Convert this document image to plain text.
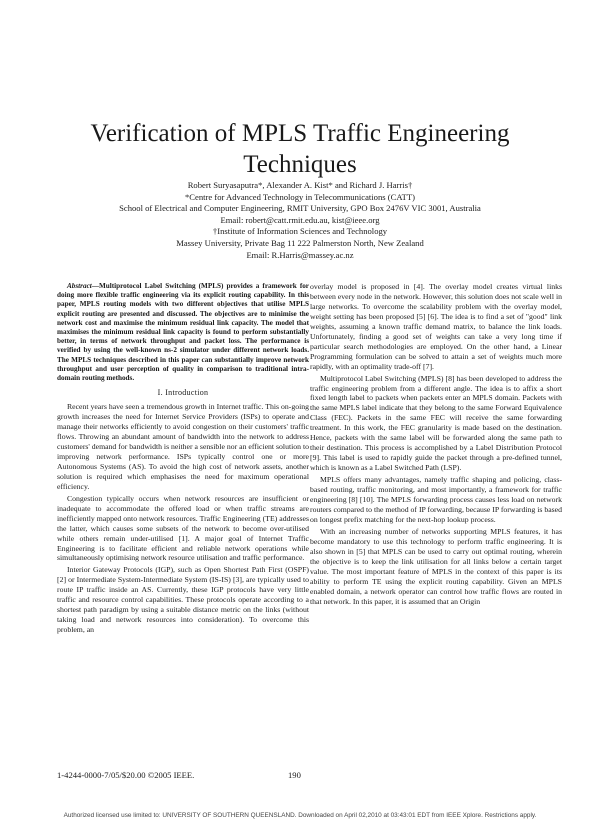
Verification of MPLS Traffic Engineering
Techniques
Robert Suryasaputra*, Alexander A. Kist* and Richard J. Harris†
*Centre for Advanced Technology in Telecommunications (CATT)
School of Electrical and Computer Engineering, RMIT University, GPO Box 2476V VIC 3001, Australia
Email: robert@catt.rmit.edu.au, kist@ieee.org
†Institute of Information Sciences and Technology
Massey University, Private Bag 11 222 Palmerston North, New Zealand
Email: R.Harris@massey.ac.nz

Abstract—Multiprotocol Label Switching (MPLS) provides a framework for doing more flexible traffic engineering via its explicit routing capability. In this paper, MPLS routing models with two different objectives that utilise MPLS explicit routing are presented and discussed. The objectives are to minimise the network cost and maximise the minimum residual link capacity. The model that maximises the minimum residual link capacity is found to perform substantially better, in terms of network throughput and packet loss. The performance is verified by using the well-known ns-2 simulator under different network loads. The MPLS techniques described in this paper can substantially improve network throughput and user perception of quality in comparison to traditional intra-domain routing methods.

I. Introduction

Recent years have seen a tremendous growth in Internet traffic. This on-going growth increases the need for Internet Service Providers (ISPs) to operate and manage their networks efficiently to avoid congestion on their customers' traffic flows. Throwing an abundant amount of bandwidth into the network to address customers' demand for bandwidth is neither a sensible nor an efficient solution to improving network performance. ISPs typically control one or more Autonomous Systems (AS). To avoid the high cost of network assets, another solution is required which emphasises the need for maximum operational efficiency.

Congestion typically occurs when network resources are insufficient or inadequate to accommodate the offered load or when traffic streams are inefficiently mapped onto network resources. Traffic Engineering (TE) addresses the latter, which causes some subsets of the network to become over-utilised while others remain under-utilised [1]. A major goal of Internet Traffic Engineering is to facilitate efficient and reliable network operations while simultaneously optimising network resource utilisation and traffic performance.

Interior Gateway Protocols (IGP), such as Open Shortest Path First (OSPF) [2] or Intermediate System-Intermediate System (IS-IS) [3], are typically used to route IP traffic inside an AS. Currently, these IGP protocols have very little traffic and resource control capabilities. These protocols operate according to a shortest path paradigm by using a suitable distance metric on the links (without taking load and network resources into consideration). To overcome this problem, an

overlay model is proposed in [4]. The overlay model creates virtual links between every node in the network. However, this solution does not scale well in large networks. To overcome the scalability problem with the overlay model, weight setting has been proposed [5] [6]. The idea is to find a set of "good" link weights, assuming a known traffic demand matrix, to balance the link loads. Unfortunately, finding a good set of weights can take a very long time if particular search methodologies are employed. On the other hand, a Linear Programming formulation can be solved to attain a set of weights much more rapidly, with an optimality trade-off [7].

Multiprotocol Label Switching (MPLS) [8] has been developed to address the traffic engineering problem from a different angle. The idea is to affix a short fixed length label to packets when packets enter an MPLS domain. Packets with the same MPLS label indicate that they belong to the same Forward Equivalence Class (FEC). Packets in the same FEC will receive the same forwarding treatment. In this work, the FEC granularity is made based on the destination. Hence, packets with the same label will be forwarded along the same path to their destination. This process is accomplished by a Label Distribution Protocol [9]. This label is used to rapidly guide the packet through a pre-defined tunnel, which is known as a Label Switched Path (LSP).

MPLS offers many advantages, namely traffic shaping and policing, class-based routing, traffic monitoring, and most importantly, a framework for traffic engineering [8] [10]. The MPLS forwarding process causes less load on network routers compared to the method of IP forwarding, because IP forwarding is based on longest prefix matching for the next-hop lookup process.

With an increasing number of networks supporting MPLS features, it has become mandatory to use this technology to perform traffic engineering. It is also shown in [5] that MPLS can be used to carry out optimal routing, wherein the objective is to keep the link utilisation for all links below a certain target value. The most important feature of MPLS in the context of this paper is its ability to perform TE using the explicit routing capability. Given an MPLS enabled domain, a network operator can control how traffic flows are routed in that network. In this paper, it is assumed that an Origin

1-4244-0000-7/05/$20.00 ©2005 IEEE.	190
Authorized licensed use limited to: UNIVERSITY OF SOUTHERN QUEENSLAND. Downloaded on April 02,2010 at 03:43:01 EDT from IEEE Xplore. Restrictions apply.
